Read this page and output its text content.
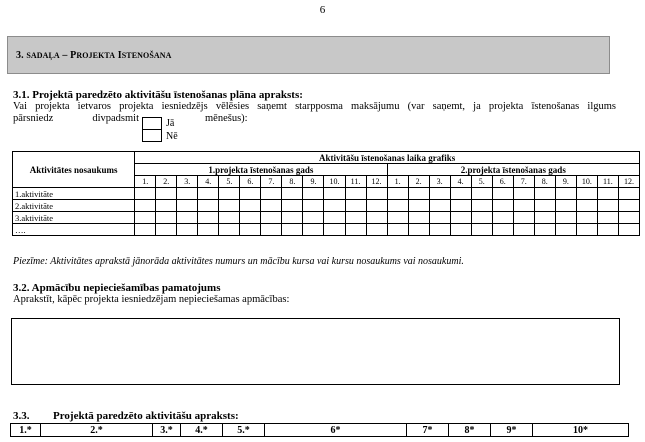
6
3. SADAĻA – PROJEKTA ISTENOŠANA
3.1. Projektā paredzēto aktivitāšu īstenošanas plāna apraksts:
Vai projekta ietvaros projekta iesniedzējs vēlēsies saņemt starpposma maksājumu (var saņemt, ja projekta īstenošanas ilgums
pārsniedz divpadsmit	Jā
Nē
mēnešus):
Aktivitātes nosaukums	Aktivitāšu īstenošanas laika grafiks																							
	1.projekta īstenošanas gads												2.projekta īstenošanas gads											
	1.	2.	3.	4.	5.	6.	7.	8.	9.	10.	11.	12.	1.	2.	3.	4.	5.	6.	7.	8.	9.	10.	11.	12.
1.aktivitāte																								
2.aktivitāte																								
3.aktivitāte																								
….																								
Piezīme: Aktivitātes aprakstā jānorāda aktivitātes numurs un mācību kursa vai kursu nosaukums vai nosaukumi.
3.2. Apmācību nepieciešamības pamatojums
Aprakstīt, kāpēc projekta iesniedzējam nepieciešamas apmācības:
3.3. Projektā paredzēto aktivitāšu apraksts:
1.*	2.*	3.*	4.*	5.*	6*	7*	8*	9*	10*
